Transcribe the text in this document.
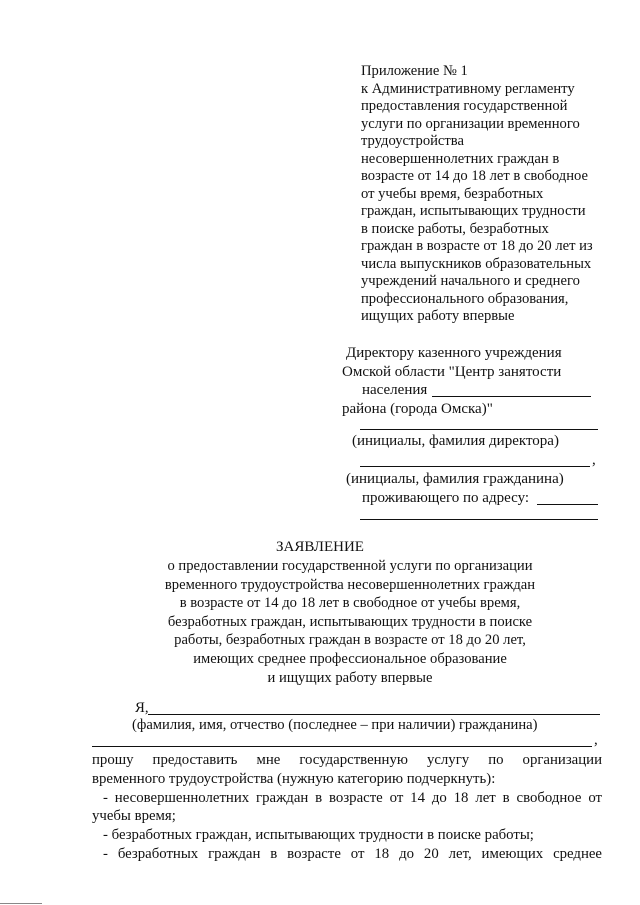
Приложение № 1
к Административному регламенту
предоставления государственной
услуги по организации временного
трудоустройства
несовершеннолетних граждан в
возрасте от 14 до 18 лет в свободное
от учебы время, безработных
граждан, испытывающих трудности
в поиске работы, безработных
граждан в возрасте от 18 до 20 лет из
числа выпускников образовательных
учреждений начального и среднего
профессионального образования,
ищущих работу впервые
Директору казенного учреждения
Омской области "Центр занятости
населения
района (города Омска)"
(инициалы, фамилия директора)
,
(инициалы, фамилия гражданина)
проживающего по адресу:
ЗАЯВЛЕНИЕ
о предоставлении государственной услуги по организации
временного трудоустройства несовершеннолетних граждан
в возрасте от 14 до 18 лет в свободное от учебы время,
безработных граждан, испытывающих трудности в поиске
работы, безработных граждан в возрасте от 18 до 20 лет,
имеющих среднее профессиональное образование
и ищущих работу впервые
Я,
(фамилия, имя, отчество (последнее – при наличии) гражданина)
,
прошу предоставить мне государственную услугу по организации
временного трудоустройства (нужную категорию подчеркнуть):
- несовершеннолетних граждан в возрасте от 14 до 18 лет в свободное от
учебы время;
- безработных граждан, испытывающих трудности в поиске работы;
- безработных граждан в возрасте от 18 до 20 лет, имеющих среднее
